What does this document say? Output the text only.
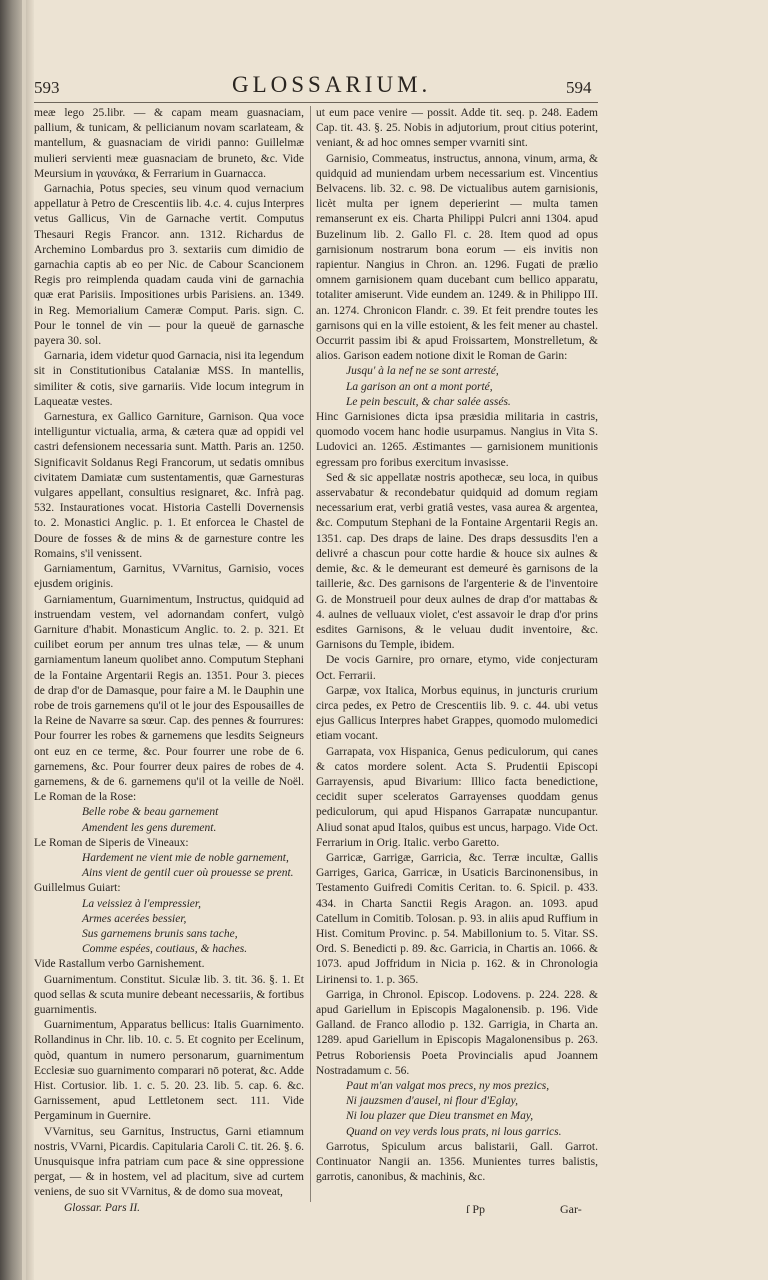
593	GLOSSARIUM.	594

meæ lego 25.libr. — & capam meam guasnaciam, pallium, & tunicam, & pellicianum novam scarlateam, & mantellum, & guasnaciam de viridi panno: Guillelmæ mulieri servienti meæ guasnaciam de bruneto, &c. Vide Meursium in γαυνάκα, & Ferrarium in Guarnacca.

Garnachia, Potus species, seu vinum quod vernacium appellatur à Petro de Crescentiis lib. 4.c. 4. cujus Interpres vetus Gallicus, Vin de Garnache vertit. Computus Thesauri Regis Francor. ann. 1312. Richardus de Archemino Lombardus pro 3. sextariis cum dimidio de garnachia captis ab eo per Nic. de Cabour Scancionem Regis pro reimplenda quadam cauda vini de garnachia quæ erat Parisiis. Impositiones urbis Parisiens. an. 1349. in Reg. Memorialium Cameræ Comput. Paris. sign. C. Pour le tonnel de vin — pour la queuë de garnasche payera 30. sol.

Garnaria, idem videtur quod Garnacia, nisi ita legendum sit in Constitutionibus Catalaniæ MSS. In mantellis, similiter & cotis, sive garnariis. Vide locum integrum in Laqueatæ vestes.

Garnestura, ex Gallico Garniture, Garnison. Qua voce intelliguntur victualia, arma, & cætera quæ ad oppidi vel castri defensionem necessaria sunt. Matth. Paris an. 1250. Significavit Soldanus Regi Francorum, ut sedatis omnibus civitatem Damiatæ cum sustentamentis, quæ Garnesturas vulgares appellant, consultius resignaret, &c. Infrà pag. 532. Instaurationes vocat. Historia Castelli Dovernensis to. 2. Monastici Anglic. p. 1. Et enforcea le Chastel de Doure de fosses & de mins & de garnesture contre les Romains, s'il venissent.

Garniamentum, Garnitus, VVarnitus, Garnisio, voces ejusdem originis.

Garniamentum, Guarnimentum, Instructus, quidquid ad instruendam vestem, vel adornandam confert, vulgò Garniture d'habit. Monasticum Anglic. to. 2. p. 321. Et cuilibet eorum per annum tres ulnas telæ, — & unum garniamentum laneum quolibet anno. Computum Stephani de la Fontaine Argentarii Regis an. 1351. Pour 3. pieces de drap d'or de Damasque, pour faire a M. le Dauphin une robe de trois garnemens qu'il ot le jour des Espousailles de la Reine de Navarre sa sœur. Cap. des pennes & fourrures: Pour fourrer les robes & garnemens que lesdits Seigneurs ont euz en ce terme, &c. Pour fourrer une robe de 6. garnemens, &c. Pour fourrer deux paires de robes de 4. garnemens, & de 6. garnemens qu'il ot la veille de Noël. Le Roman de la Rose:

Belle robe & beau garnement

Amendent les gens durement.

Le Roman de Siperis de Vineaux:

Hardement ne vient mie de noble garnement,

Ains vient de gentil cuer où prouesse se prent.

Guillelmus Guiart:

La veissiez à l'empressier,

Armes acerées bessier,

Sus garnemens brunis sans tache,

Comme espées, coutiaus, & haches.

Vide Rastallum verbo Garnishement.

Guarnimentum. Constitut. Siculæ lib. 3. tit. 36. §. 1. Et quod sellas & scuta munire debeant necessariis, & fortibus guarnimentis.

Guarnimentum, Apparatus bellicus: Italis Guarnimento. Rollandinus in Chr. lib. 10. c. 5. Et cognito per Ecelinum, quòd, quantum in numero personarum, guarnimentum Ecclesiæ suo guarnimento comparari nō poterat, &c. Adde Hist. Cortusior. lib. 1. c. 5. 20. 23. lib. 5. cap. 6. &c. Garnissement, apud Lettletonem sect. 111. Vide Pergaminum in Guernire.

VVarnitus, seu Garnitus, Instructus, Garni etiamnum nostris, VVarni, Picardis. Capitularia Caroli C. tit. 26. §. 6. Unusquisque infra patriam cum pace & sine oppressione pergat, — & in hostem, vel ad placitum, sive ad curtem veniens, de suo sit VVarnitus, & de domo sua moveat,

Glossar. Pars II.

ut eum pace venire — possit. Adde tit. seq. p. 248. Eadem Cap. tit. 43. §. 25. Nobis in adjutorium, prout citius poterint, veniant, & ad hoc omnes semper vvarniti sint.

Garnisio, Commeatus, instructus, annona, vinum, arma, & quidquid ad muniendam urbem necessarium est. Vincentius Belvacens. lib. 32. c. 98. De victualibus autem garnisionis, licèt multa per ignem deperierint — multa tamen remanserunt ex eis. Charta Philippi Pulcri anni 1304. apud Buzelinum lib. 2. Gallo Fl. c. 28. Item quod ad opus garnisionum nostrarum bona eorum — eis invitis non rapientur. Nangius in Chron. an. 1296. Fugati de prælio omnem garnisionem quam ducebant cum bellico apparatu, totaliter amiserunt. Vide eundem an. 1249. & in Philippo III. an. 1274. Chronicon Flandr. c. 39. Et feit prendre toutes les garnisons qui en la ville estoient, & les feit mener au chastel. Occurrit passim ibi & apud Froissartem, Monstrelletum, & alios. Garison eadem notione dixit le Roman de Garin:

Jusqu' à la nef ne se sont arresté,

La garison an ont a mont porté,

Le pein bescuit, & char salée assés.

Hinc Garnisiones dicta ipsa præsidia militaria in castris, quomodo vocem hanc hodie usurpamus. Nangius in Vita S. Ludovici an. 1265. Æstimantes — garnisionem munitionis egressam pro foribus exercitum invasisse.

Sed & sic appellatæ nostris apothecæ, seu loca, in quibus asservabatur & recondebatur quidquid ad domum regiam necessarium erat, verbi gratiâ vestes, vasa aurea & argentea, &c. Computum Stephani de la Fontaine Argentarii Regis an. 1351. cap. Des draps de laine. Des draps dessusdits l'en a delivré a chascun pour cotte hardie & houce six aulnes & demie, &c. & le demeurant est demeuré ès garnisons de la taillerie, &c. Des garnisons de l'argenterie & de l'inventoire G. de Monstrueil pour deux aulnes de drap d'or mattabas & 4. aulnes de velluaux violet, c'est assavoir le drap d'or prins esdites Garnisons, & le veluau dudit inventoire, &c. Garnisons du Temple, ibidem.

De vocis Garnire, pro ornare, etymo, vide conjecturam Oct. Ferrarii.

Garpæ, vox Italica, Morbus equinus, in juncturis crurium circa pedes, ex Petro de Crescentiis lib. 9. c. 44. ubi vetus ejus Gallicus Interpres habet Grappes, quomodo mulomedici etiam vocant.

Garrapata, vox Hispanica, Genus pediculorum, qui canes & catos mordere solent. Acta S. Prudentii Episcopi Garrayensis, apud Bivarium: Illico facta benedictione, cecidit super sceleratos Garrayenses quoddam genus pediculorum, qui apud Hispanos Garrapatæ nuncupantur. Aliud sonat apud Italos, quibus est uncus, harpago. Vide Oct. Ferrarium in Orig. Italic. verbo Garetto.

Garricæ, Garrigæ, Garricia, &c. Terræ incultæ, Gallis Garriges, Garica, Garricæ, in Usaticis Barcinonensibus, in Testamento Guifredi Comitis Ceritan. to. 6. Spicil. p. 433. 434. in Charta Sanctii Regis Aragon. an. 1093. apud Catellum in Comitib. Tolosan. p. 93. in aliis apud Ruffium in Hist. Comitum Provinc. p. 54. Mabillonium to. 5. Vitar. SS. Ord. S. Benedicti p. 89. &c. Garricia, in Chartis an. 1066. & 1073. apud Joffridum in Nicia p. 162. & in Chronologia Lirinensi to. 1. p. 365.

Garriga, in Chronol. Episcop. Lodovens. p. 224. 228. & apud Gariellum in Episcopis Magalonensib. p. 196. Vide Galland. de Franco allodio p. 132. Garrigia, in Charta an. 1289. apud Gariellum in Episcopis Magalonensibus p. 263. Petrus Roboriensis Poeta Provincialis apud Joannem Nostradamum c. 56.

Paut m'an valgat mos precs, ny mos prezics,

Ni jauzsmen d'ausel, ni flour d'Eglay,

Ni lou plazer que Dieu transmet en May,

Quand on vey verds lous prats, ni lous garrics.

Garrotus, Spiculum arcus balistarii, Gall. Garrot. Continuator Nangii an. 1356. Munientes turres balistis, garrotis, canonibus, & machinis, &c.

ſ Pp	Gar-
